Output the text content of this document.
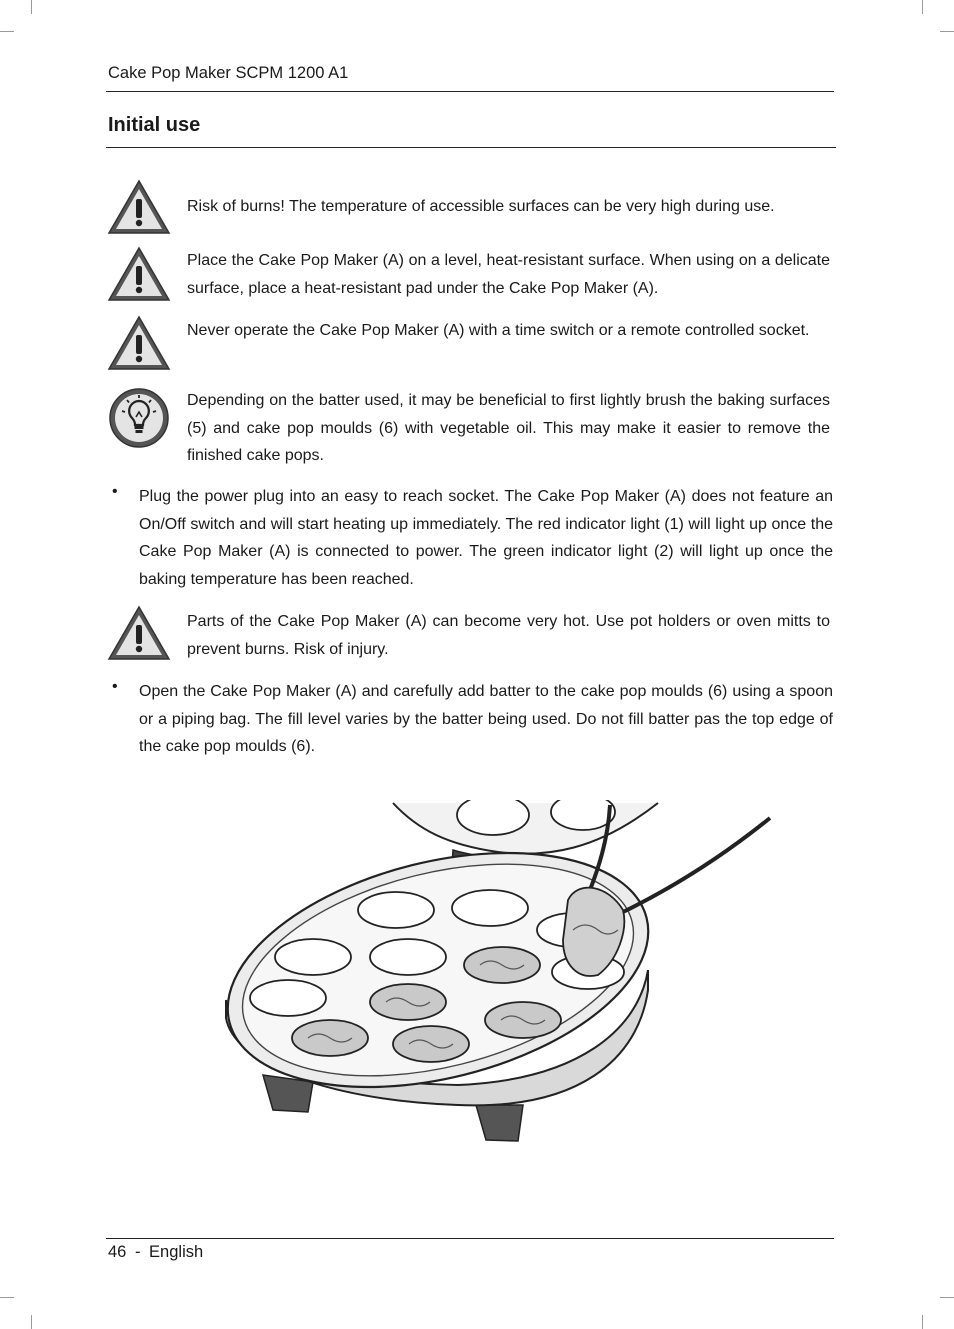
Cake Pop Maker SCPM 1200 A1
Initial use
Risk of burns! The temperature of accessible surfaces can be very high during use.
Place the Cake Pop Maker (A) on a level, heat-resistant surface. When using on a delicate surface, place a heat-resistant pad under the Cake Pop Maker (A).
Never operate the Cake Pop Maker (A) with a time switch or a remote controlled socket.
Depending on the batter used, it may be beneficial to first lightly brush the baking surfaces (5) and cake pop moulds (6) with vegetable oil. This may make it easier to remove the finished cake pops.
• Plug the power plug into an easy to reach socket. The Cake Pop Maker (A) does not feature an On/Off switch and will start heating up immediately. The red indicator light (1) will light up once the Cake Pop Maker (A) is connected to power. The green indicator light (2) will light up once the baking temperature has been reached.
Parts of the Cake Pop Maker (A) can become very hot. Use pot holders or oven mitts to prevent burns. Risk of injury.
• Open the Cake Pop Maker (A) and carefully add batter to the cake pop moulds (6) using a spoon or a piping bag. The fill level varies by the batter being used. Do not fill batter pas the top edge of the cake pop moulds (6).
46 - English
